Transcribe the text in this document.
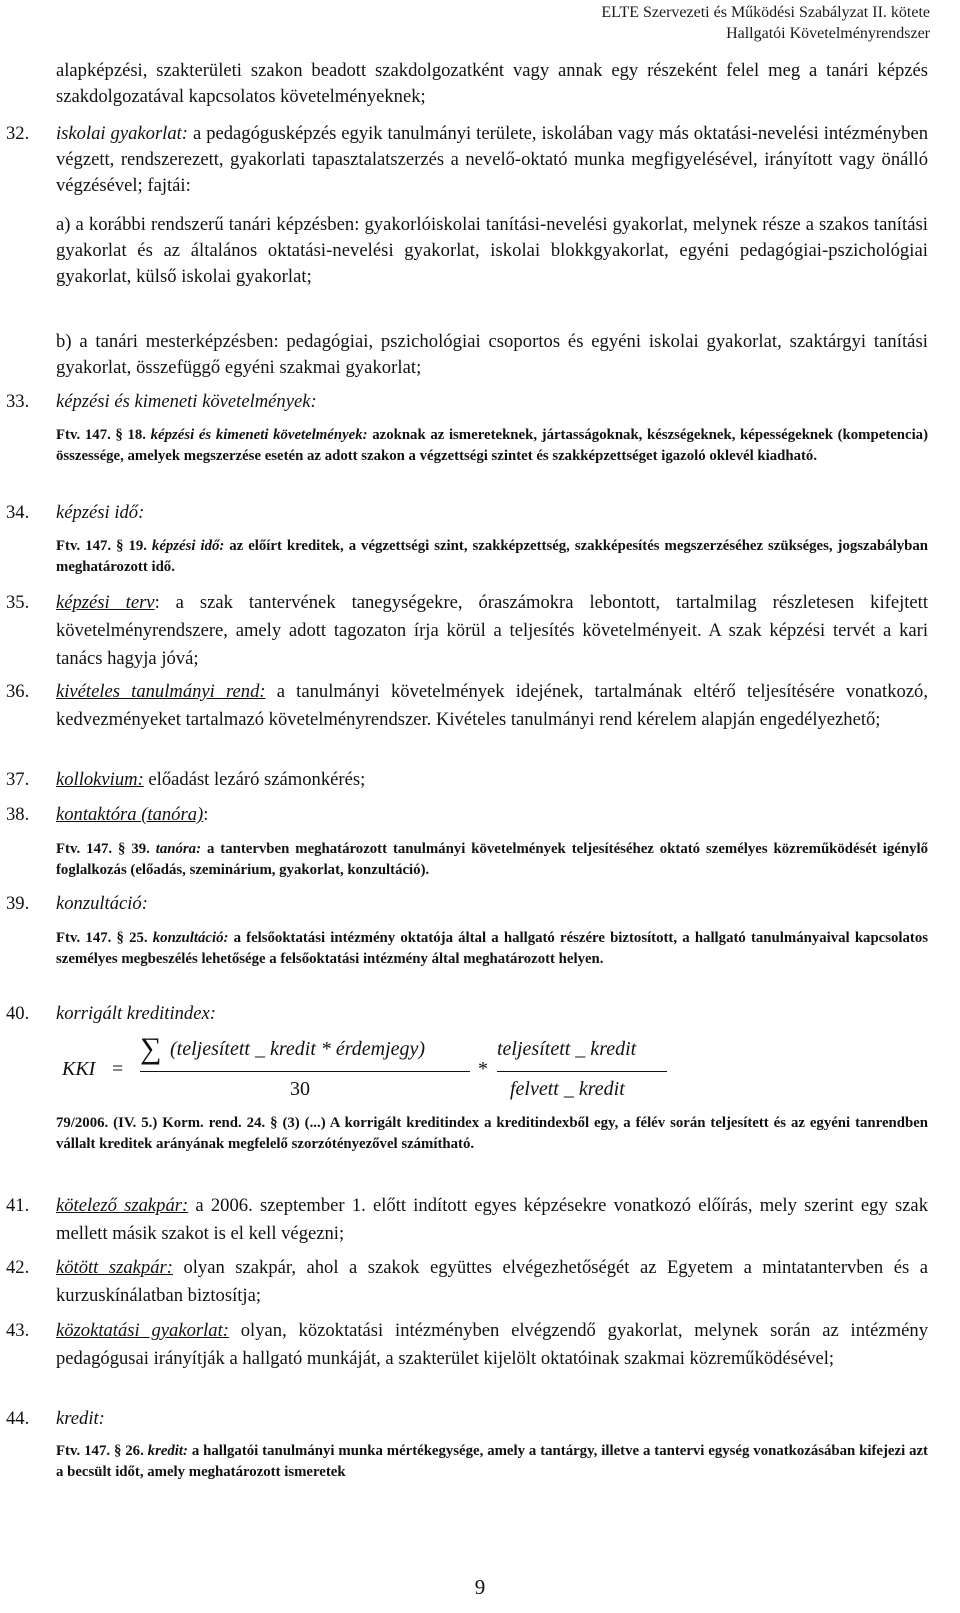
ELTE Szervezeti és Működési Szabályzat II. kötete
Hallgatói Követelményrendszer
alapképzési, szakterületi szakon beadott szakdolgozatként vagy annak egy részeként felel meg a tanári képzés szakdolgozatával kapcsolatos követelményeknek;
32. iskolai gyakorlat: a pedagógusképzés egyik tanulmányi területe, iskolában vagy más oktatási-nevelési intézményben végzett, rendszerezett, gyakorlati tapasztalatszerzés a nevelő-oktató munka megfigyelésével, irányított vagy önálló végzésével; fajtái:
a) a korábbi rendszerű tanári képzésben: gyakorlóiskolai tanítási-nevelési gyakorlat, melynek része a szakos tanítási gyakorlat és az általános oktatási-nevelési gyakorlat, iskolai blokkgyakorlat, egyéni pedagógiai-pszichológiai gyakorlat, külső iskolai gyakorlat;
b) a tanári mesterképzésben: pedagógiai, pszichológiai csoportos és egyéni iskolai gyakorlat, szaktárgyi tanítási gyakorlat, összefüggő egyéni szakmai gyakorlat;
33. képzési és kimeneti követelmények:
Ftv. 147. § 18. képzési és kimeneti követelmények: azoknak az ismereteknek, jártasságoknak, készségeknek, képességeknek (kompetencia) összessége, amelyek megszerzése esetén az adott szakon a végzettségi szintet és szakképzettséget igazoló oklevél kiadható.
34. képzési idő:
Ftv. 147. § 19. képzési idő: az előírt kreditek, a végzettségi szint, szakképzettség, szakképesítés megszerzéséhez szükséges, jogszabályban meghatározott idő.
35. képzési terv: a szak tantervének tanegységekre, óraszámokra lebontott, tartalmilag részletesen kifejtett követelményrendszere, amely adott tagozaton írja körül a teljesítés követelményeit. A szak képzési tervét a kari tanács hagyja jóvá;
36. kivételes tanulmányi rend: a tanulmányi követelmények idejének, tartalmának eltérő teljesítésére vonatkozó, kedvezményeket tartalmazó követelményrendszer. Kivételes tanulmányi rend kérelem alapján engedélyezhető;
37. kollokvium: előadást lezáró számonkérés;
38. kontaktóra (tanóra):
Ftv. 147. § 39. tanóra: a tantervben meghatározott tanulmányi követelmények teljesítéséhez oktató személyes közreműködését igénylő foglalkozás (előadás, szeminárium, gyakorlat, konzultáció).
39. konzultáció:
Ftv. 147. § 25. konzultáció: a felsőoktatási intézmény oktatója által a hallgató részére biztosított, a hallgató tanulmányaival kapcsolatos személyes megbeszélés lehetősége a felsőoktatási intézmény által meghatározott helyen.
40. korrigált kreditindex:
KKI =
∑ (teljesített _ kredit * érdemjegy)
30
*
teljesített _ kredit
felvett _ kredit
79/2006. (IV. 5.) Korm. rend. 24. § (3) (...) A korrigált kreditindex a kreditindexből egy, a félév során teljesített és az egyéni tanrendben vállalt kreditek arányának megfelelő szorzótényezővel számítható.
41. kötelező szakpár: a 2006. szeptember 1. előtt indított egyes képzésekre vonatkozó előírás, mely szerint egy szak mellett másik szakot is el kell végezni;
42. kötött szakpár: olyan szakpár, ahol a szakok együttes elvégezhetőségét az Egyetem a mintatantervben és a kurzuskínálatban biztosítja;
43. közoktatási gyakorlat: olyan, közoktatási intézményben elvégzendő gyakorlat, melynek során az intézmény pedagógusai irányítják a hallgató munkáját, a szakterület kijelölt oktatóinak szakmai közreműködésével;
44. kredit:
Ftv. 147. § 26. kredit: a hallgatói tanulmányi munka mértékegysége, amely a tantárgy, illetve a tantervi egység vonatkozásában kifejezi azt a becsült időt, amely meghatározott ismeretek
9
